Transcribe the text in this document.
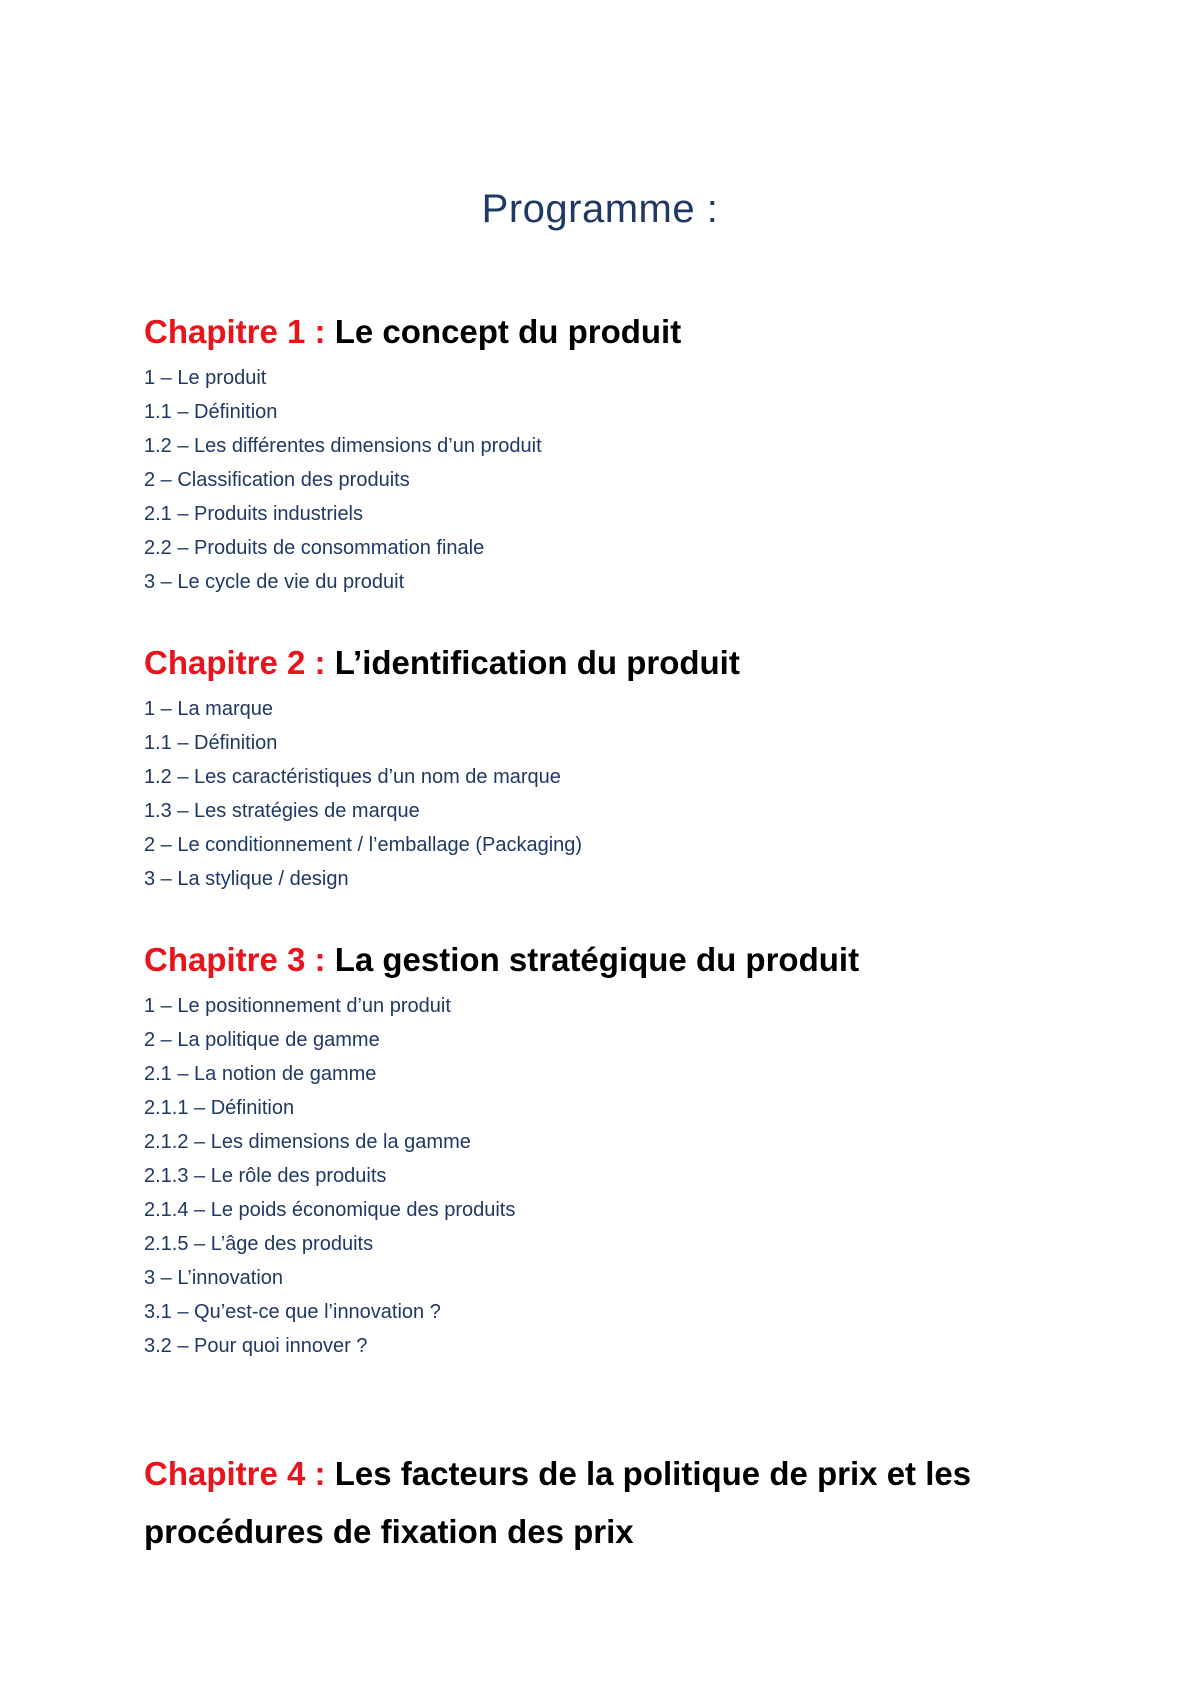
Programme :
Chapitre 1 : Le concept du produit
1 – Le produit
1.1 – Définition
1.2 – Les différentes dimensions d’un produit
2 – Classification des produits
2.1 – Produits industriels
2.2 – Produits de consommation finale
3 – Le cycle de vie du produit
Chapitre 2 : L’identification du produit
1 – La marque
1.1 – Définition
1.2 – Les caractéristiques d’un nom de marque
1.3 – Les stratégies de marque
2 – Le conditionnement / l’emballage (Packaging)
3 – La stylique / design
Chapitre 3 : La gestion stratégique du produit
1 – Le positionnement d’un produit
2 – La politique de gamme
2.1 – La notion de gamme
2.1.1 – Définition
2.1.2 – Les dimensions de la gamme
2.1.3 – Le rôle des produits
2.1.4 – Le poids économique des produits
2.1.5 – L’âge des produits
3 – L’innovation
3.1 – Qu’est-ce que l’innovation ?
3.2 – Pour quoi innover ?
Chapitre 4 : Les facteurs de la politique de prix et les procédures de fixation des prix
